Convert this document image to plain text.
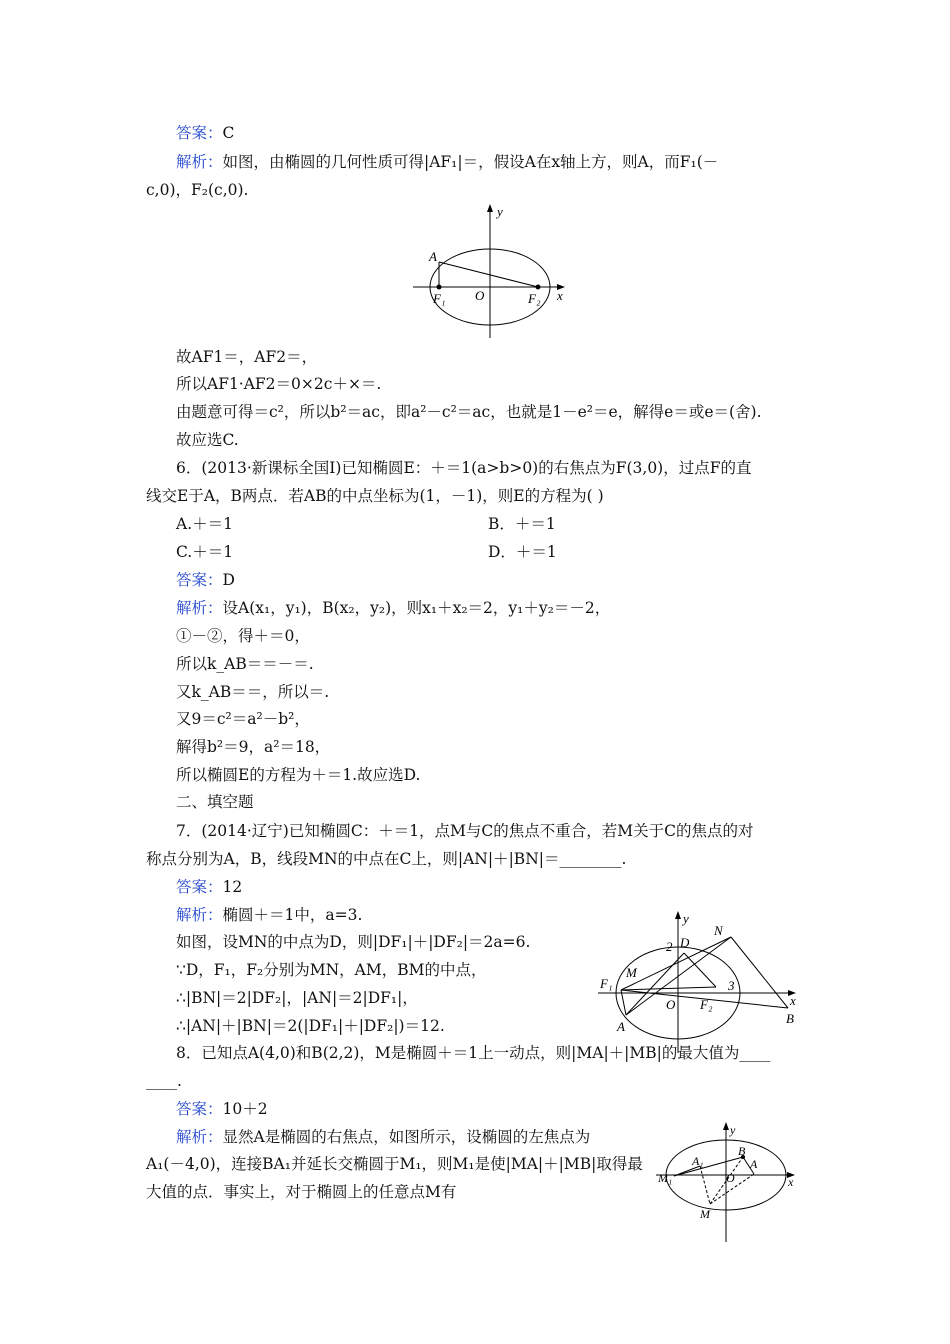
答案：C
解析：如图，由椭圆的几何性质可得|AF₁|＝，假设A在x轴上方，则A，而F₁(－
c,0)，F₂(c,0).
y
A
F₁ O	F₂ x
故AF1＝，AF2＝，
所以AF1·AF2＝0×2c＋×＝.
由题意可得＝c²，所以b²＝ac，即a²－c²＝ac，也就是1－e²＝e，解得e＝或e＝(舍).
故应选C.
6．(2013·新课标全国Ⅰ)已知椭圆E：＋＝1(a>b>0)的右焦点为F(3,0)，过点F的直
线交E于A，B两点．若AB的中点坐标为(1，－1)，则E的方程为( )
A.＋＝1	B．＋＝1
C.＋＝1	D．＋＝1
答案：D
解析：设A(x₁，y₁)，B(x₂，y₂)，则x₁＋x₂＝2，y₁＋y₂＝－2，
①－②，得＋＝0，
所以k_AB＝＝－＝.
又k_AB＝＝，所以＝.
又9＝c²＝a²－b²，
解得b²＝9，a²＝18，
所以椭圆E的方程为＋＝1.故应选D.
二、填空题
7．(2014·辽宁)已知椭圆C：＋＝1，点M与C的焦点不重合，若M关于C的焦点的对
称点分别为A，B，线段MN的中点在C上，则|AN|＋|BN|＝________.
答案：12
解析：椭圆＋＝1中，a=3.
如图，设MN的中点为D，则|DF₁|＋|DF₂|＝2a=6.
∵D，F₁，F₂分别为MN，AM，BM的中点，
∴|BN|＝2|DF₂|，|AN|＝2|DF₁|，
∴|AN|＋|BN|＝2(|DF₁|＋|DF₂|)＝12.
y
N
2 D
F₁
M
3
O F₂	x
A
B
8．已知点A(4,0)和B(2,2)，M是椭圆＋＝1上一动点，则|MA|＋|MB|的最大值为____
____.
答案：10＋2
解析：显然A是椭圆的右焦点，如图所示，设椭圆的左焦点为
A₁(－4,0)，连接BA₁并延长交椭圆于M₁，则M₁是使|MA|＋|MB|取得最
大值的点．事实上，对于椭圆上的任意点M有
y
A₁
B
A
M₁	O	x
M
